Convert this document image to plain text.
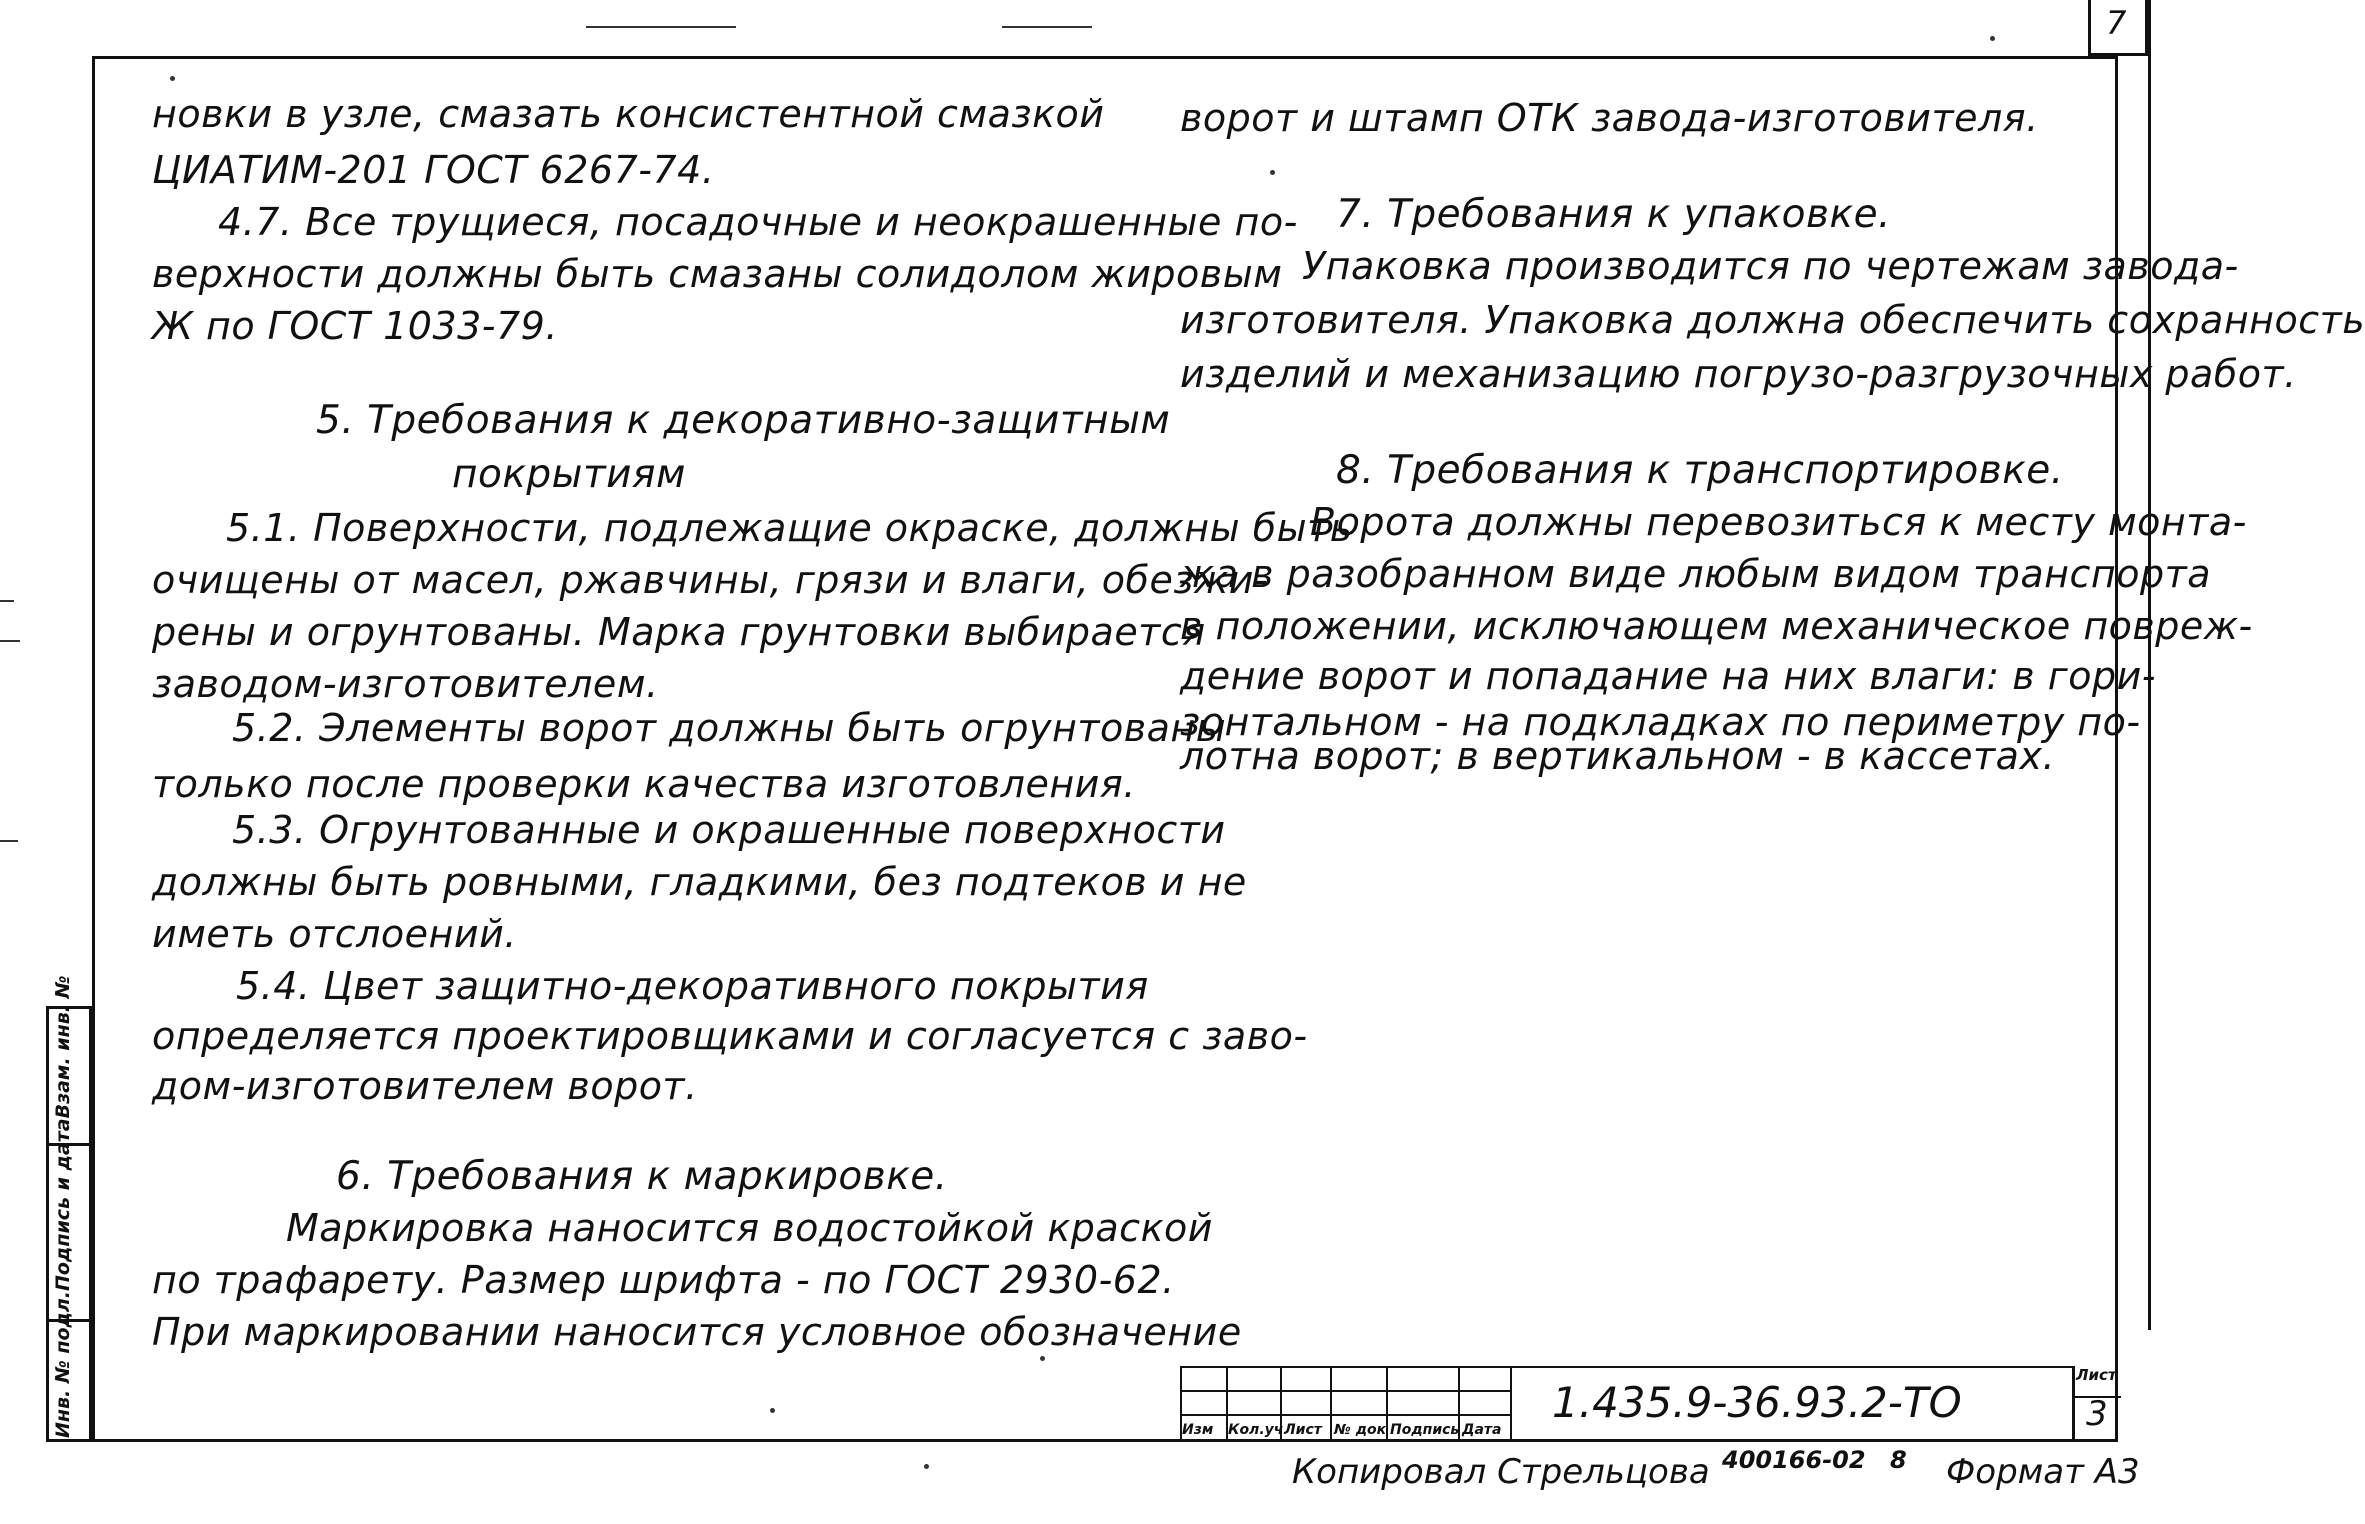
7
Инв. № подл.
Подпись и дата
Взам. инв. №
новки в узле, смазать консистентной смазкой
ЦИАТИМ-201 ГОСТ 6267-74.
4.7. Все трущиеся, посадочные и неокрашенные по-
верхности должны быть смазаны солидолом жировым
Ж по ГОСТ 1033-79.
5. Требования к декоративно-защитным
покрытиям
5.1. Поверхности, подлежащие окраске, должны быть
очищены от масел, ржавчины, грязи и влаги, обезжи-
рены и огрунтованы. Марка грунтовки выбирается
заводом-изготовителем.
5.2. Элементы ворот должны быть огрунтованы
только после проверки качества изготовления.
5.3. Огрунтованные и окрашенные поверхности
должны быть ровными, гладкими, без подтеков и не
иметь отслоений.
5.4. Цвет защитно-декоративного покрытия
определяется проектировщиками и согласуется с заво-
дом-изготовителем ворот.
6. Требования к маркировке.
Маркировка наносится водостойкой краской
по трафарету. Размер шрифта - по ГОСТ 2930-62.
При маркировании наносится условное обозначение
ворот и штамп ОТК завода-изготовителя.
7. Требования к упаковке.
Упаковка производится по чертежам завода-
изготовителя. Упаковка должна обеспечить сохранность
изделий и механизацию погрузо-разгрузочных работ.
8. Требования к транспортировке.
Ворота должны перевозиться к месту монта-
жа в разобранном виде любым видом транспорта
в положении, исключающем механическое повреж-
дение ворот и попадание на них влаги: в гори-
зонтальном - на подкладках по периметру по-
лотна ворот; в вертикальном - в кассетах.
Изм Кол.уч Лист № док Подпись Дата
1.435.9-36.93.2-ТО
Лист
3
Копировал Стрельцова 400166-02 8 Формат А3
